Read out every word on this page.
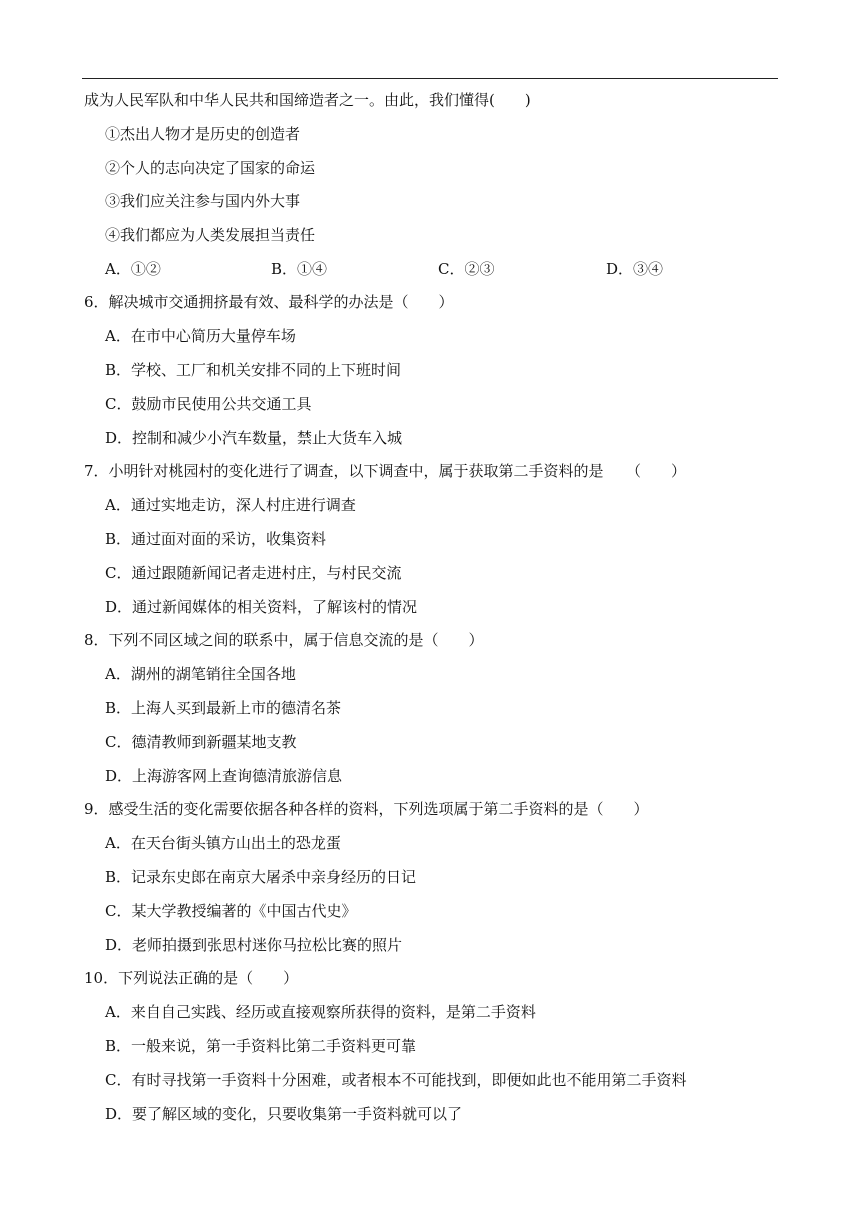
成为人民军队和中华人民共和国缔造者之一。由此，我们懂得(　　)
①杰出人物才是历史的创造者
②个人的志向决定了国家的命运
③我们应关注参与国内外大事
④我们都应为人类发展担当责任
A．①②	B．①④	C．②③	D．③④
6．解决城市交通拥挤最有效、最科学的办法是（　　）
A．在市中心简历大量停车场
B．学校、工厂和机关安排不同的上下班时间
C．鼓励市民使用公共交通工具
D．控制和减少小汽车数量，禁止大货车入城
7．小明针对桃园村的变化进行了调查，以下调查中，属于获取第二手资料的是　　（　　）
A．通过实地走访，深人村庄进行调查
B．通过面对面的采访，收集资料
C．通过跟随新闻记者走进村庄，与村民交流
D．通过新闻媒体的相关资料，了解该村的情况
8．下列不同区域之间的联系中，属于信息交流的是（　　）
A．湖州的湖笔销往全国各地
B．上海人买到最新上市的德清名茶
C．德清教师到新疆某地支教
D．上海游客网上查询德清旅游信息
9．感受生活的变化需要依据各种各样的资料，下列选项属于第二手资料的是（　　）
A．在天台街头镇方山出土的恐龙蛋
B．记录东史郎在南京大屠杀中亲身经历的日记
C．某大学教授编著的《中国古代史》
D．老师拍摄到张思村迷你马拉松比赛的照片
10．下列说法正确的是（　　）
A．来自自己实践、经历或直接观察所获得的资料，是第二手资料
B．一般来说，第一手资料比第二手资料更可靠
C．有时寻找第一手资料十分困难，或者根本不可能找到，即便如此也不能用第二手资料
D．要了解区域的变化，只要收集第一手资料就可以了
